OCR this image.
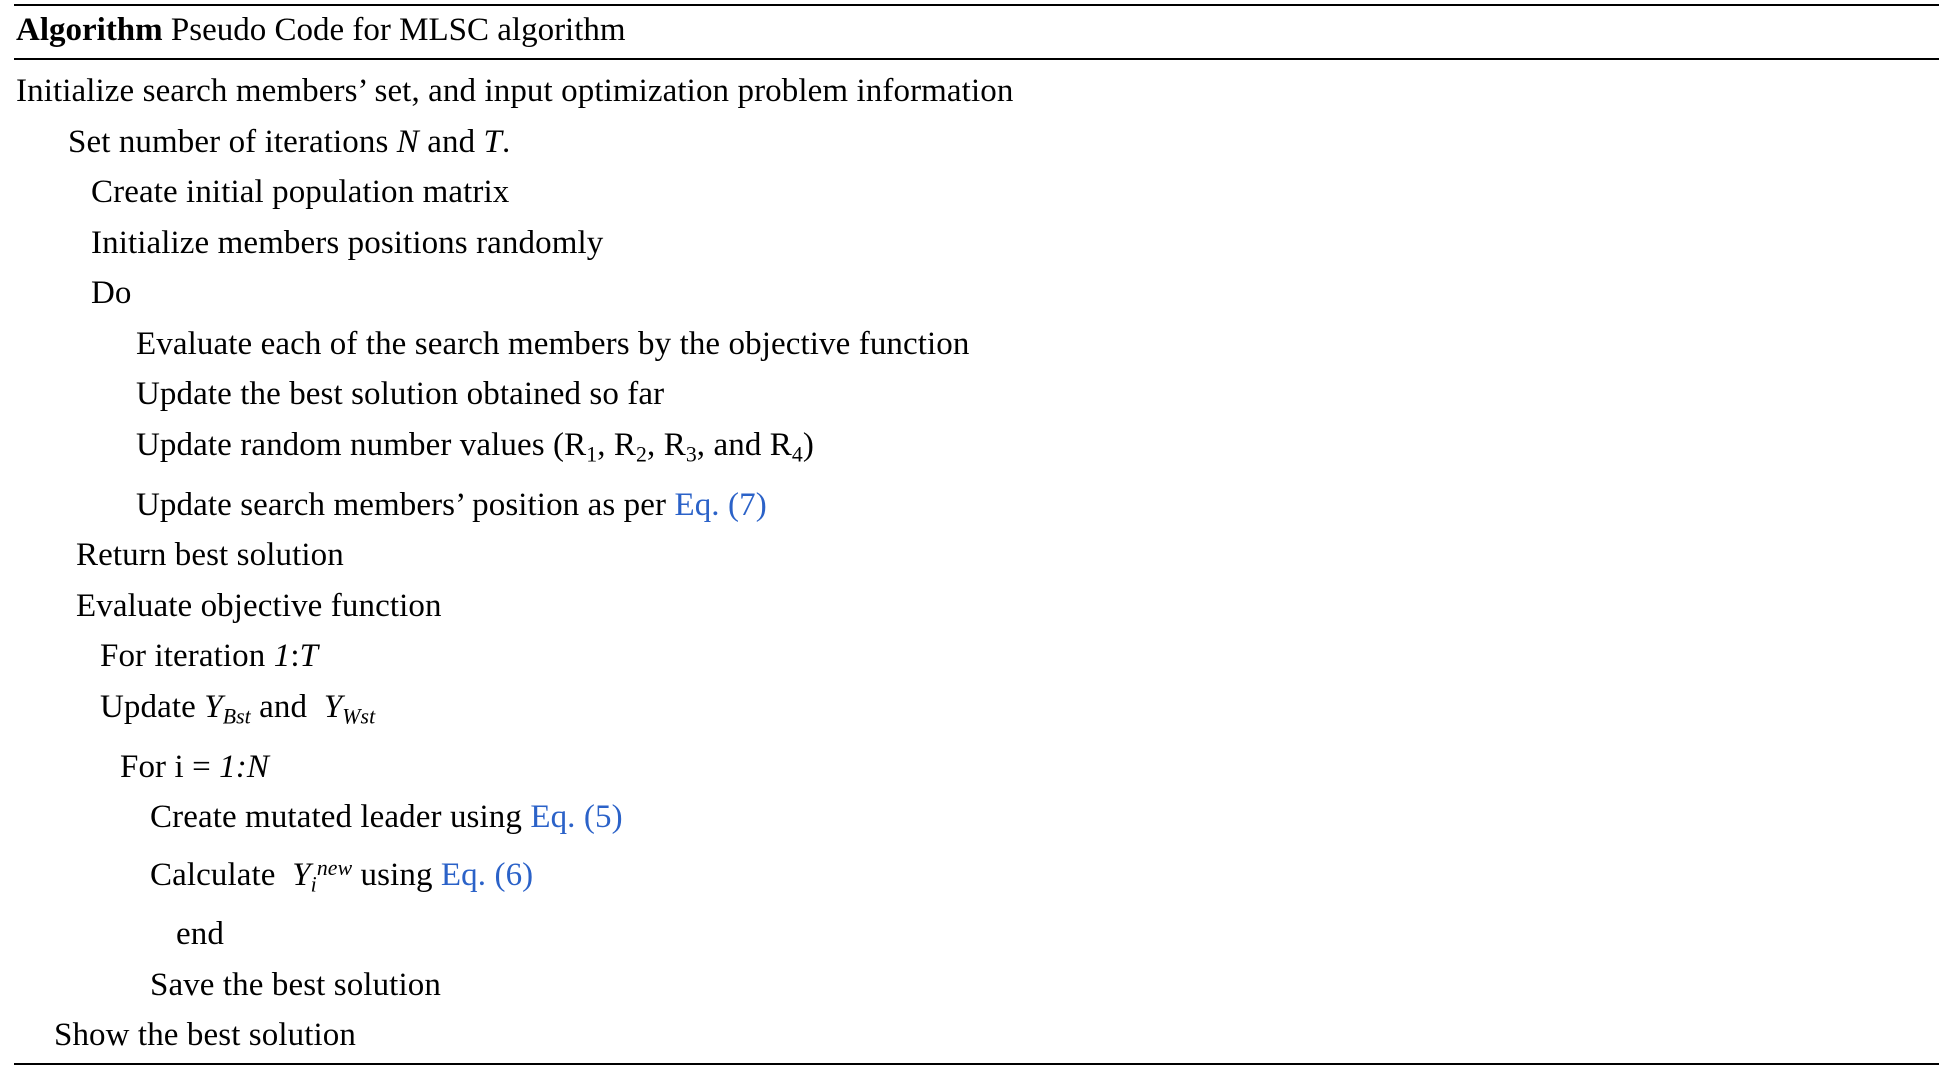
Algorithm Pseudo Code for MLSC algorithm
Initialize search members’ set, and input optimization problem information
Set number of iterations N and T.
Create initial population matrix
Initialize members positions randomly
Do
Evaluate each of the search members by the objective function
Update the best solution obtained so far
Update random number values ($R_1$, $R_2$, $R_3$, and $R_4$)
Update search members’ position as per Eq. (7)
Return best solution
Evaluate objective function
For iteration 1:T
Update YBst and  YWst
For i = 1:N
Create mutated leader using Eq. (5)
Calculate  $Yi^{new}$ using Eq. (6)
end
Save the best solution
Show the best solution
